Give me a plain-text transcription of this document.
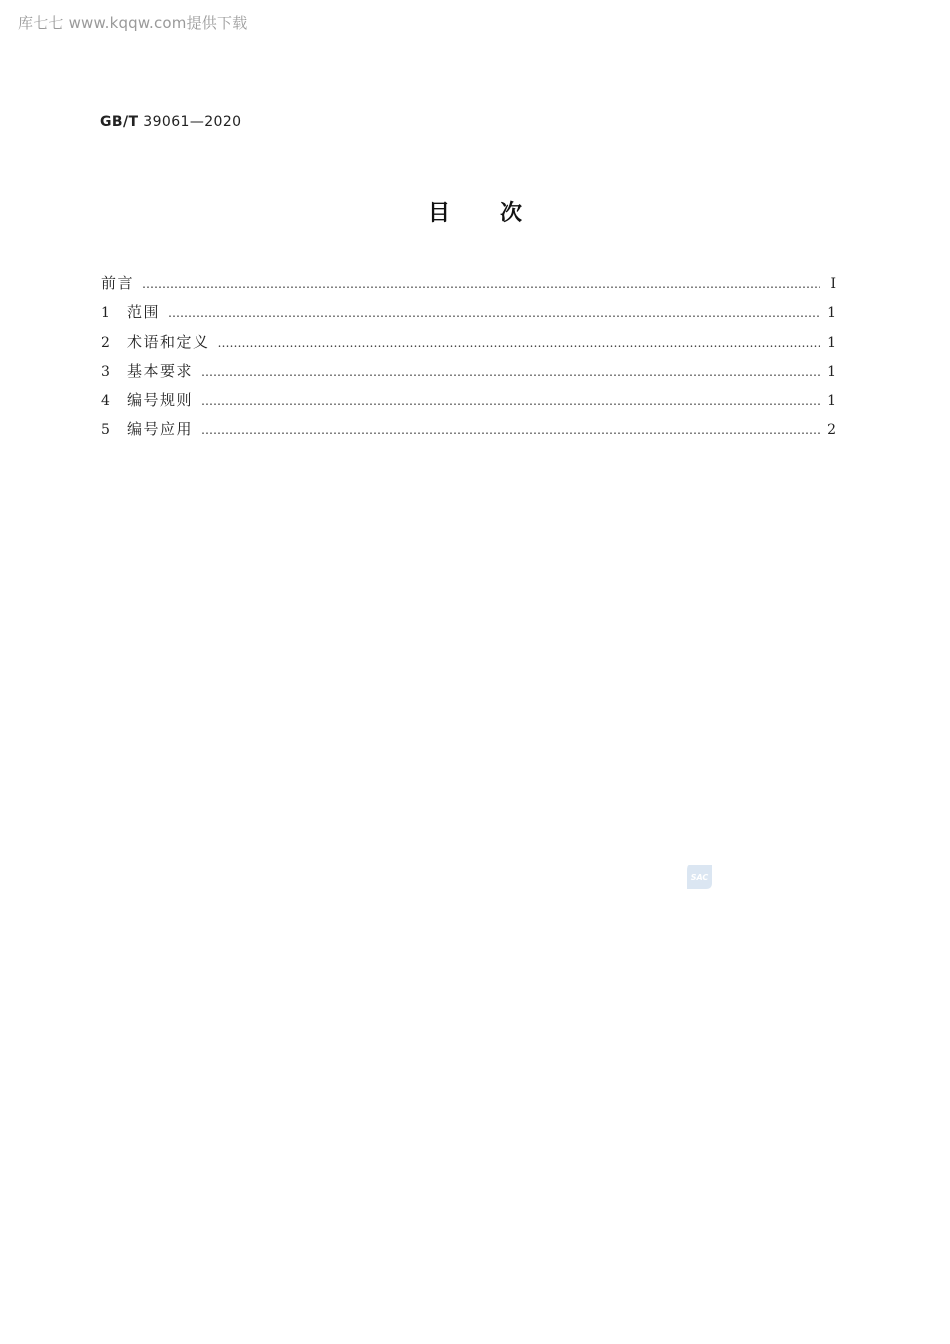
库七七 www.kqqw.com提供下载
GB/T 39061—2020
目 次
前言 ……………………………………………………………………………………………………………………………………………………………………………………	Ⅰ
1	范围 ……………………………………………………………………………………………………………………………………………………………………………………	1
2	术语和定义 ……………………………………………………………………………………………………………………………………………………………………………………	1
3	基本要求 ……………………………………………………………………………………………………………………………………………………………………………………	1
4	编号规则 ……………………………………………………………………………………………………………………………………………………………………………………	1
5	编号应用 ……………………………………………………………………………………………………………………………………………………………………………………	2
SAC
